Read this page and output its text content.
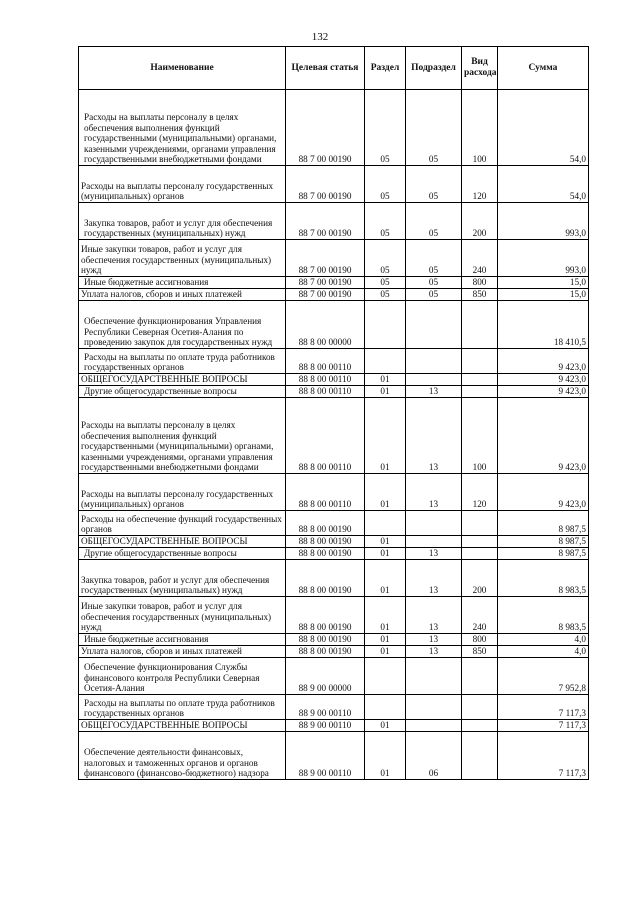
132
Наименование	Целевая статья	Раздел	Подраздел	Вид расхода	Сумма
Расходы на выплаты персоналу в целях обеспечения выполнения функций государственными (муниципальными) органами, казенными учреждениями, органами управления государственными внебюджетными фондами	88 7 00 00190	05	05	100	54,0
Расходы на выплаты персоналу государственных (муниципальных) органов	88 7 00 00190	05	05	120	54,0
Закупка товаров, работ и услуг для обеспечения государственных (муниципальных) нужд	88 7 00 00190	05	05	200	993,0
Иные закупки товаров, работ и услуг для обеспечения государственных (муниципальных) нужд	88 7 00 00190	05	05	240	993,0
Иные бюджетные ассигнования	88 7 00 00190	05	05	800	15,0
Уплата налогов, сборов и иных платежей	88 7 00 00190	05	05	850	15,0
Обеспечение функционирования Управления Республики Северная Осетия-Алания по проведению закупок для государственных нужд	88 8 00 00000				18 410,5
Расходы на выплаты по оплате труда работников государственных органов	88 8 00 00110				9 423,0
ОБЩЕГОСУДАРСТВЕННЫЕ ВОПРОСЫ	88 8 00 00110	01			9 423,0
Другие общегосударственные вопросы	88 8 00 00110	01	13		9 423,0
Расходы на выплаты персоналу в целях обеспечения выполнения функций государственными (муниципальными) органами, казенными учреждениями, органами управления государственными внебюджетными фондами	88 8 00 00110	01	13	100	9 423,0
Расходы на выплаты персоналу государственных (муниципальных) органов	88 8 00 00110	01	13	120	9 423,0
Расходы на обеспечение функций государственных органов	88 8 00 00190				8 987,5
ОБЩЕГОСУДАРСТВЕННЫЕ ВОПРОСЫ	88 8 00 00190	01			8 987,5
Другие общегосударственные вопросы	88 8 00 00190	01	13		8 987,5
Закупка товаров, работ и услуг для обеспечения государственных (муниципальных) нужд	88 8 00 00190	01	13	200	8 983,5
Иные закупки товаров, работ и услуг для обеспечения государственных (муниципальных) нужд	88 8 00 00190	01	13	240	8 983,5
Иные бюджетные ассигнования	88 8 00 00190	01	13	800	4,0
Уплата налогов, сборов и иных платежей	88 8 00 00190	01	13	850	4,0
Обеспечение функционирования Службы финансового контроля Республики Северная Осетия-Алания	88 9 00 00000				7 952,8
Расходы на выплаты по оплате труда работников государственных органов	88 9 00 00110				7 117,3
ОБЩЕГОСУДАРСТВЕННЫЕ ВОПРОСЫ	88 9 00 00110	01			7 117,3
Обеспечение деятельности финансовых, налоговых и таможенных органов и органов финансового (финансово-бюджетного) надзора	88 9 00 00110	01	06		7 117,3
